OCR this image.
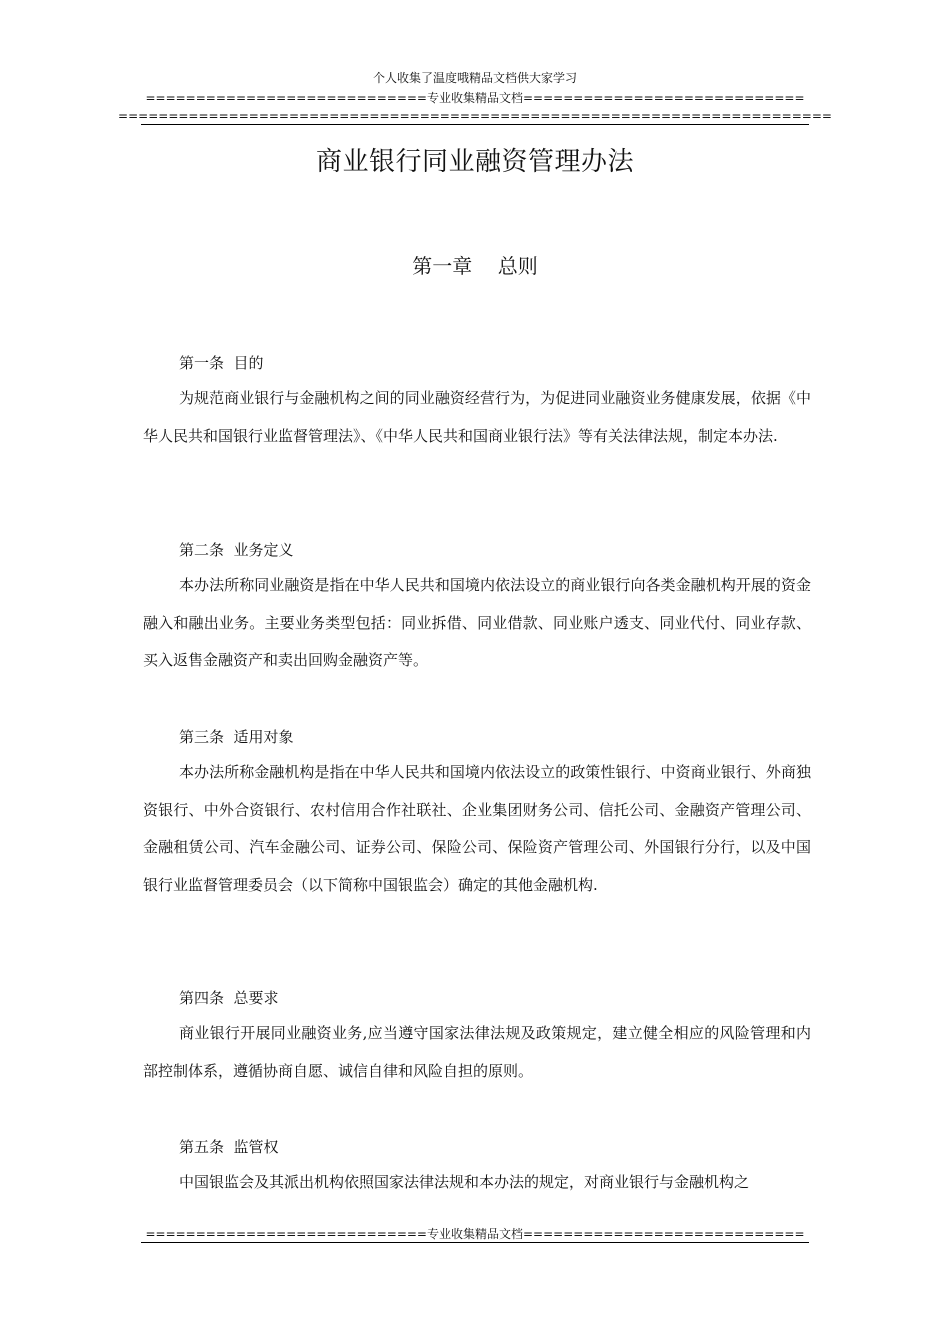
个人收集了温度哦精品文档供大家学习
============================专业收集精品文档============================
=======================================================================
商业银行同业融资管理办法
第一章    总则

第一条  目的

为规范商业银行与金融机构之间的同业融资经营行为，为促进同业融资业务健康发展，依据《中华人民共和国银行业监督管理法》、《中华人民共和国商业银行法》等有关法律法规，制定本办法.

第二条  业务定义

本办法所称同业融资是指在中华人民共和国境内依法设立的商业银行向各类金融机构开展的资金融入和融出业务。主要业务类型包括：同业拆借、同业借款、同业账户透支、同业代付、同业存款、买入返售金融资产和卖出回购金融资产等。

第三条  适用对象

本办法所称金融机构是指在中华人民共和国境内依法设立的政策性银行、中资商业银行、外商独资银行、中外合资银行、农村信用合作社联社、企业集团财务公司、信托公司、金融资产管理公司、金融租赁公司、汽车金融公司、证券公司、保险公司、保险资产管理公司、外国银行分行，以及中国银行业监督管理委员会（以下简称中国银监会）确定的其他金融机构.

第四条  总要求

商业银行开展同业融资业务,应当遵守国家法律法规及政策规定，建立健全相应的风险管理和内部控制体系，遵循协商自愿、诚信自律和风险自担的原则。

第五条  监管权

中国银监会及其派出机构依照国家法律法规和本办法的规定，对商业银行与金融机构之

============================专业收集精品文档============================
